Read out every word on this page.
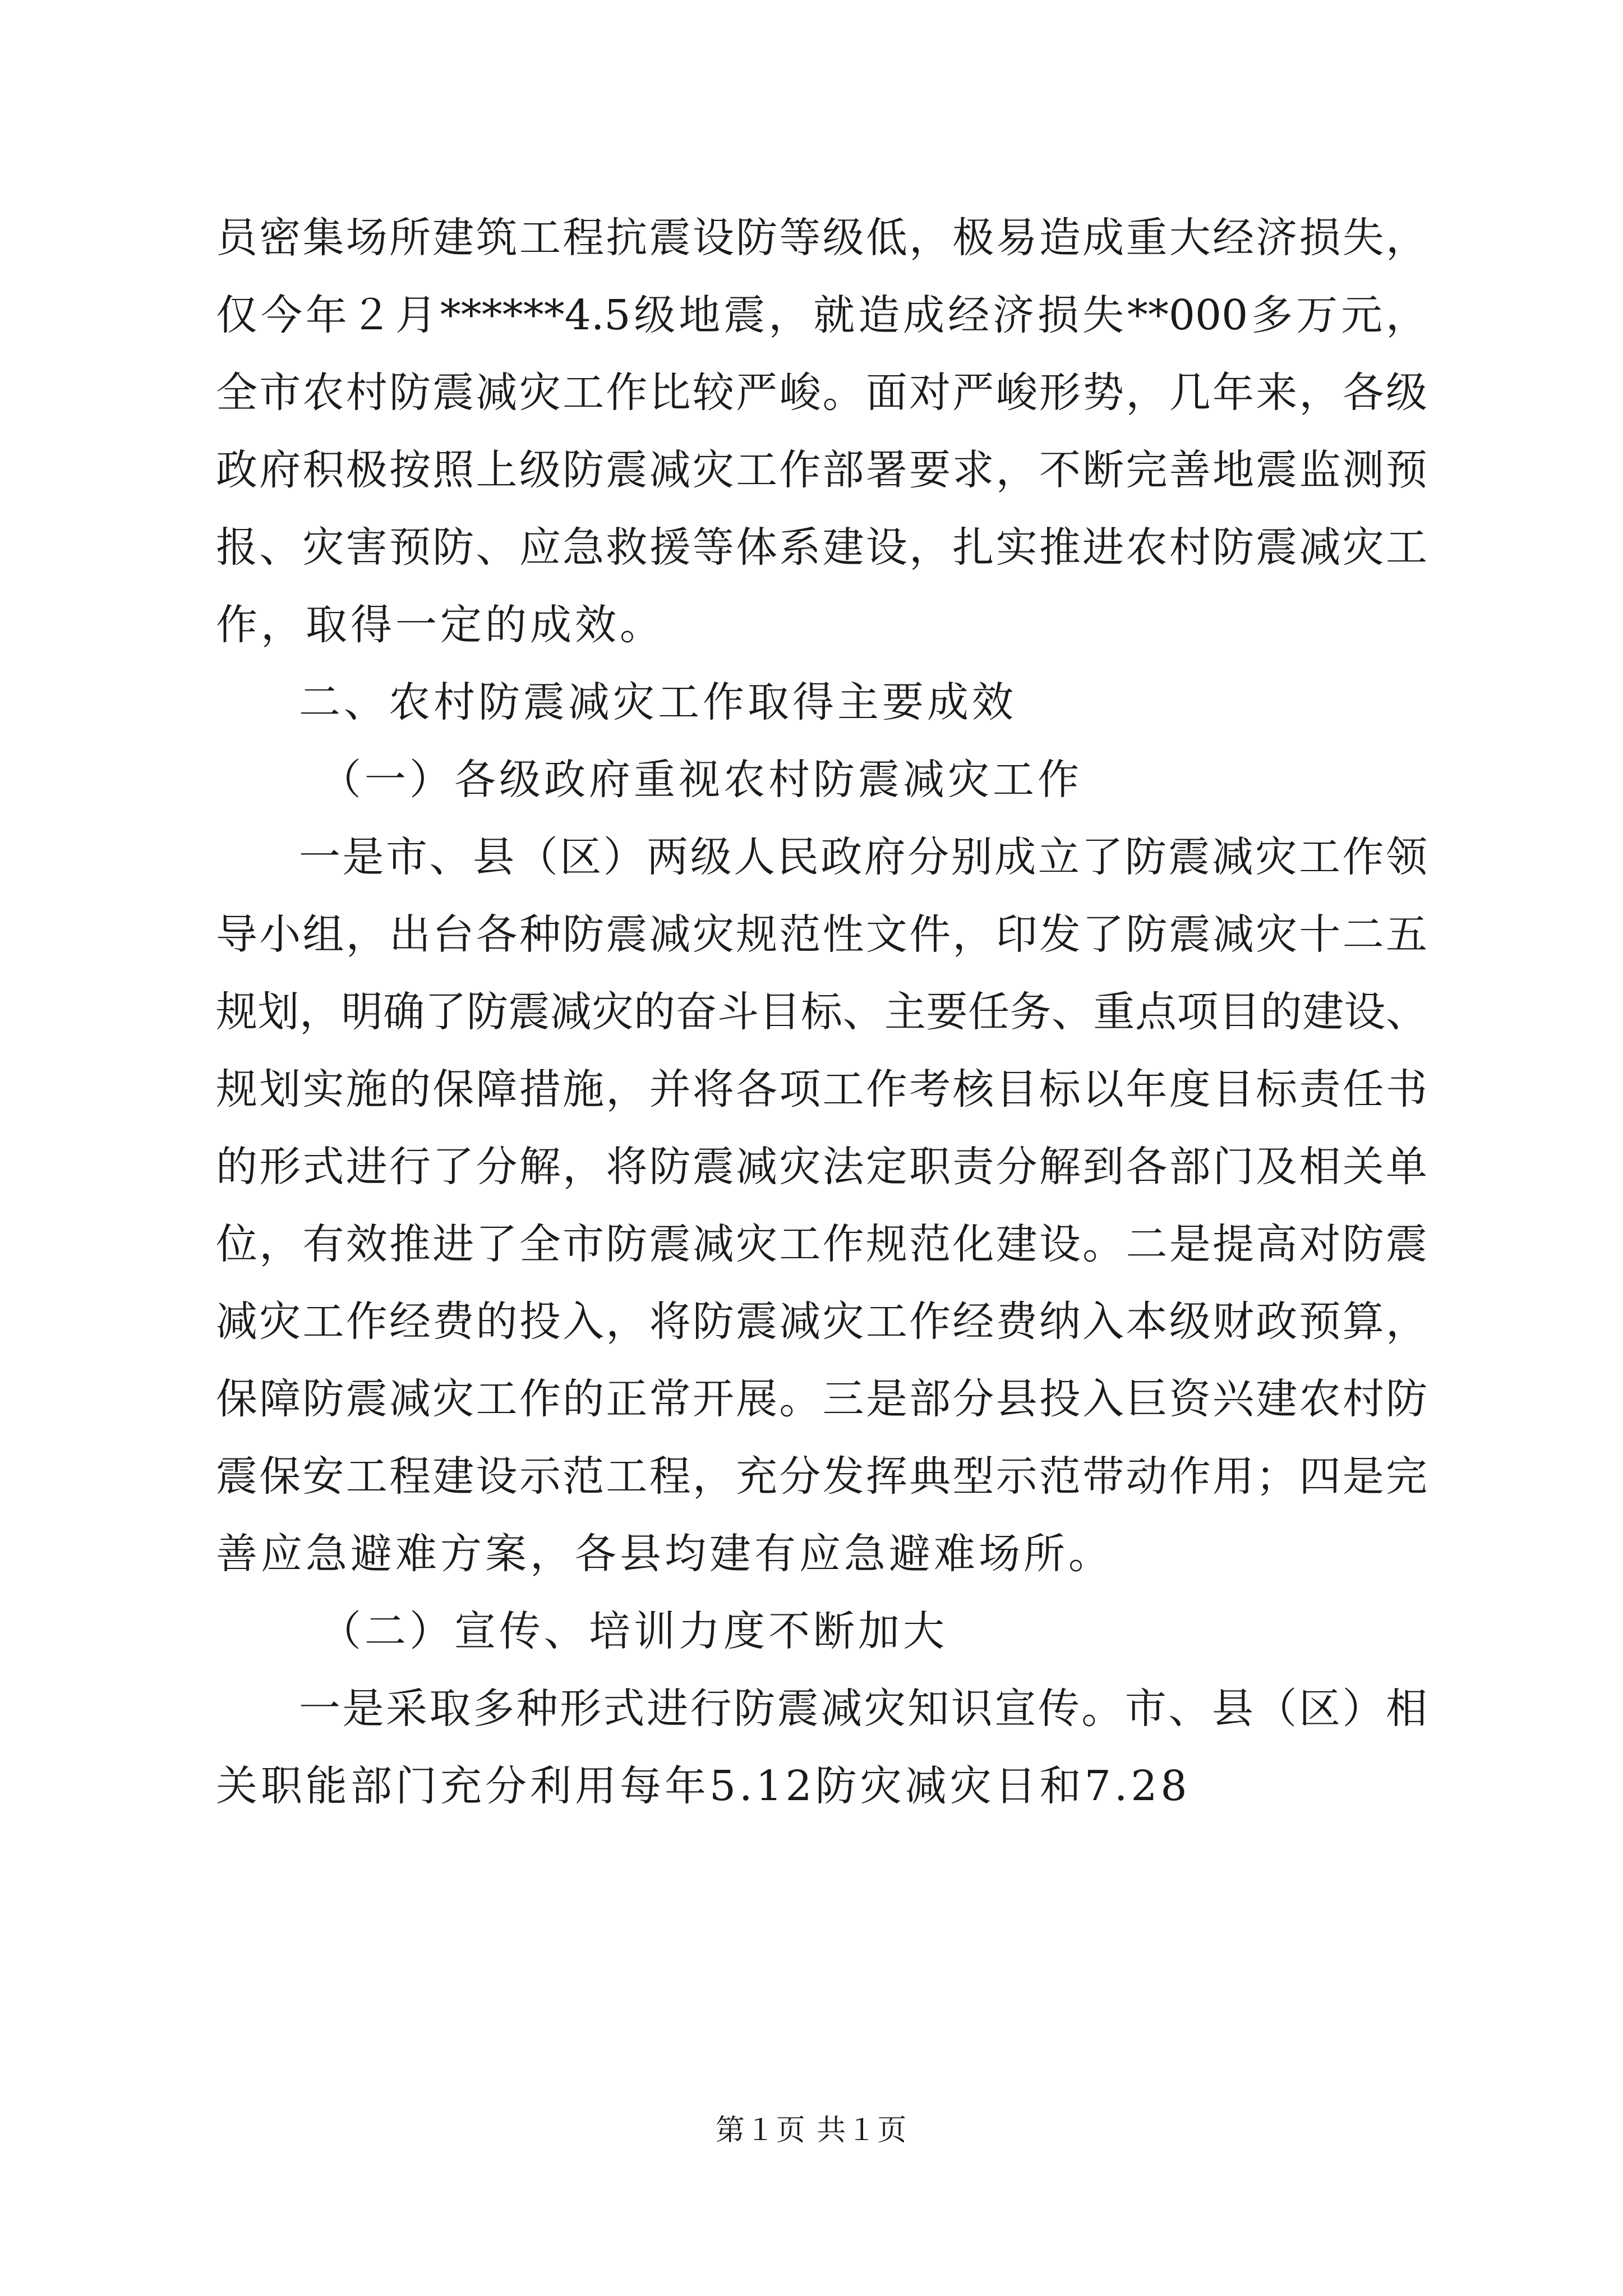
员密集场所建筑工程抗震设防等级低，极易造成重大经济损失，
仅今年２月******4.5级地震，就造成经济损失**000多万元，
全市农村防震减灾工作比较严峻。面对严峻形势，几年来，各级
政府积极按照上级防震减灾工作部署要求，不断完善地震监测预
报、灾害预防、应急救援等体系建设，扎实推进农村防震减灾工
作，取得一定的成效。
二、农村防震减灾工作取得主要成效
（一）各级政府重视农村防震减灾工作
一是市、县（区）两级人民政府分别成立了防震减灾工作领
导小组，出台各种防震减灾规范性文件，印发了防震减灾十二五
规划，明确了防震减灾的奋斗目标、主要任务、重点项目的建设、
规划实施的保障措施，并将各项工作考核目标以年度目标责任书
的形式进行了分解，将防震减灾法定职责分解到各部门及相关单
位，有效推进了全市防震减灾工作规范化建设。二是提高对防震
减灾工作经费的投入，将防震减灾工作经费纳入本级财政预算，
保障防震减灾工作的正常开展。三是部分县投入巨资兴建农村防
震保安工程建设示范工程，充分发挥典型示范带动作用；四是完
善应急避难方案，各县均建有应急避难场所。
（二）宣传、培训力度不断加大
一是采取多种形式进行防震减灾知识宣传。市、县（区）相
关职能部门充分利用每年5.12防灾减灾日和7.28
第１页 共１页
